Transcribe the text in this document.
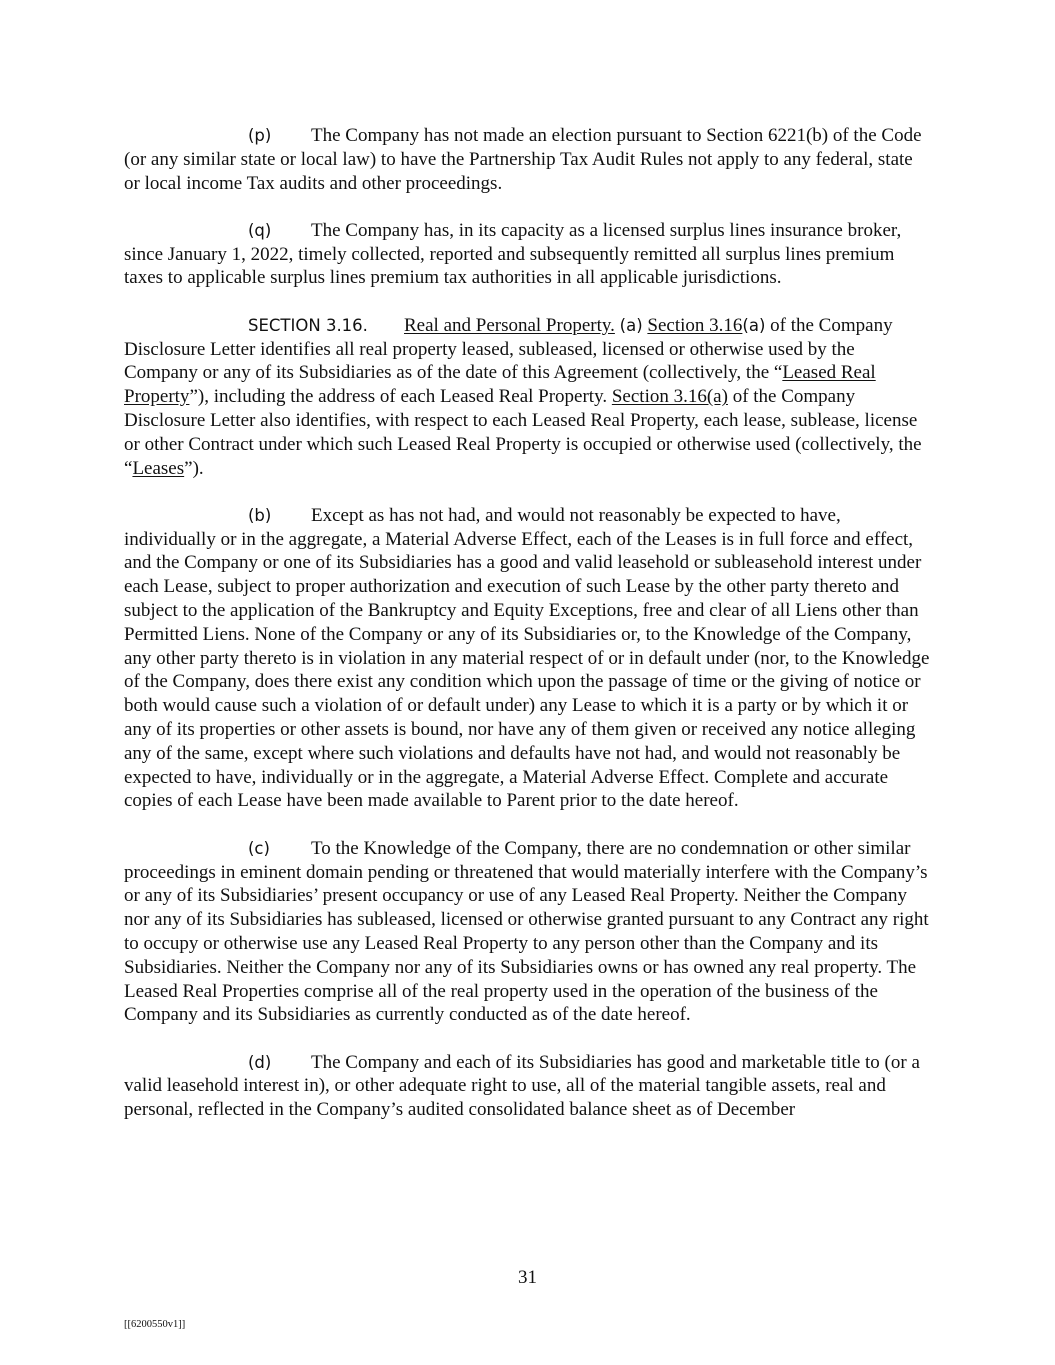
(p) The Company has not made an election pursuant to Section 6221(b) of the Code (or any similar state or local law) to have the Partnership Tax Audit Rules not apply to any federal, state or local income Tax audits and other proceedings.

(q) The Company has, in its capacity as a licensed surplus lines insurance broker, since January 1, 2022, timely collected, reported and subsequently remitted all surplus lines premium taxes to applicable surplus lines premium tax authorities in all applicable jurisdictions.

SECTION 3.16. Real and Personal Property. (a) Section 3.16(a) of the Company Disclosure Letter identifies all real property leased, subleased, licensed or otherwise used by the Company or any of its Subsidiaries as of the date of this Agreement (collectively, the “Leased Real Property”), including the address of each Leased Real Property. Section 3.16(a) of the Company Disclosure Letter also identifies, with respect to each Leased Real Property, each lease, sublease, license or other Contract under which such Leased Real Property is occupied or otherwise used (collectively, the “Leases”).

(b) Except as has not had, and would not reasonably be expected to have, individually or in the aggregate, a Material Adverse Effect, each of the Leases is in full force and effect, and the Company or one of its Subsidiaries has a good and valid leasehold or subleasehold interest under each Lease, subject to proper authorization and execution of such Lease by the other party thereto and subject to the application of the Bankruptcy and Equity Exceptions, free and clear of all Liens other than Permitted Liens. None of the Company or any of its Subsidiaries or, to the Knowledge of the Company, any other party thereto is in violation in any material respect of or in default under (nor, to the Knowledge of the Company, does there exist any condition which upon the passage of time or the giving of notice or both would cause such a violation of or default under) any Lease to which it is a party or by which it or any of its properties or other assets is bound, nor have any of them given or received any notice alleging any of the same, except where such violations and defaults have not had, and would not reasonably be expected to have, individually or in the aggregate, a Material Adverse Effect. Complete and accurate copies of each Lease have been made available to Parent prior to the date hereof.

(c) To the Knowledge of the Company, there are no condemnation or other similar proceedings in eminent domain pending or threatened that would materially interfere with the Company’s or any of its Subsidiaries’ present occupancy or use of any Leased Real Property. Neither the Company nor any of its Subsidiaries has subleased, licensed or otherwise granted pursuant to any Contract any right to occupy or otherwise use any Leased Real Property to any person other than the Company and its Subsidiaries. Neither the Company nor any of its Subsidiaries owns or has owned any real property. The Leased Real Properties comprise all of the real property used in the operation of the business of the Company and its Subsidiaries as currently conducted as of the date hereof.

(d) The Company and each of its Subsidiaries has good and marketable title to (or a valid leasehold interest in), or other adequate right to use, all of the material tangible assets, real and personal, reflected in the Company’s audited consolidated balance sheet as of December

31
[[6200550v1]]
